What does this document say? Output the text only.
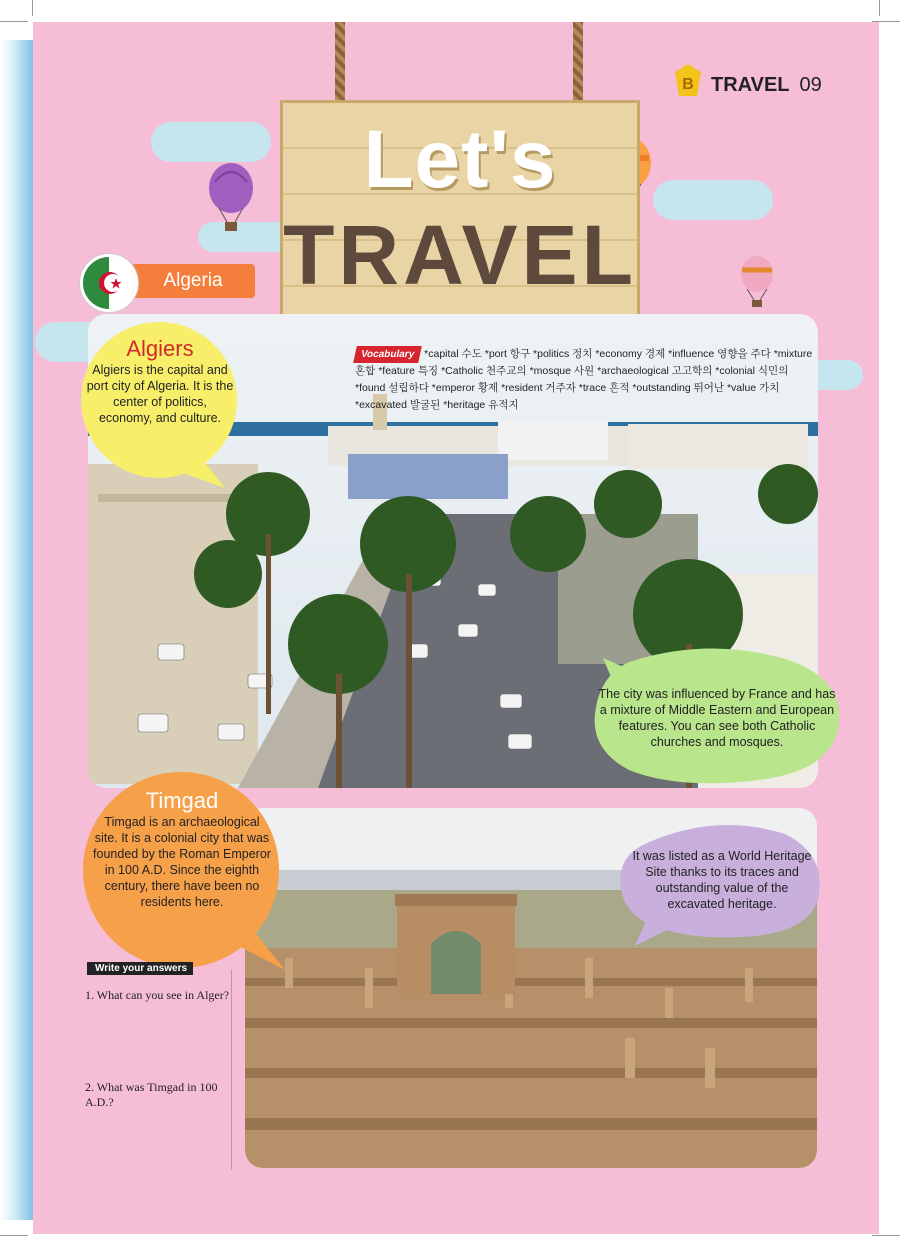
Let's
TRAVEL
B TRAVEL 09
Algeria
Vocabulary *capital 수도 *port 항구 *politics 정치 *economy 경제 *influence 영향을 주다 *mixture 혼합 *feature 특징 *Catholic 천주교의 *mosque 사원 *archaeological 고고학의 *colonial 식민의 *found 설립하다 *emperor 황제 *resident 거주자 *trace 흔적 *outstanding 뛰어난 *value 가치 *excavated 발굴된 *heritage 유적지
Algiers
Algiers is the capital and port city of Algeria. It is the center of politics, economy, and culture.
The city was influenced by France and has a mixture of Middle Eastern and European features. You can see both Catholic churches and mosques.
Timgad
Timgad is an archaeological site. It is a colonial city that was founded by the Roman Emperor in 100 A.D. Since the eighth century, there have been no residents here.
It was listed as a World Heritage Site thanks to its traces and outstanding value of the excavated heritage.
Write your answers
1. What can you see in Alger?
2. What was Timgad in 100 A.D.?
